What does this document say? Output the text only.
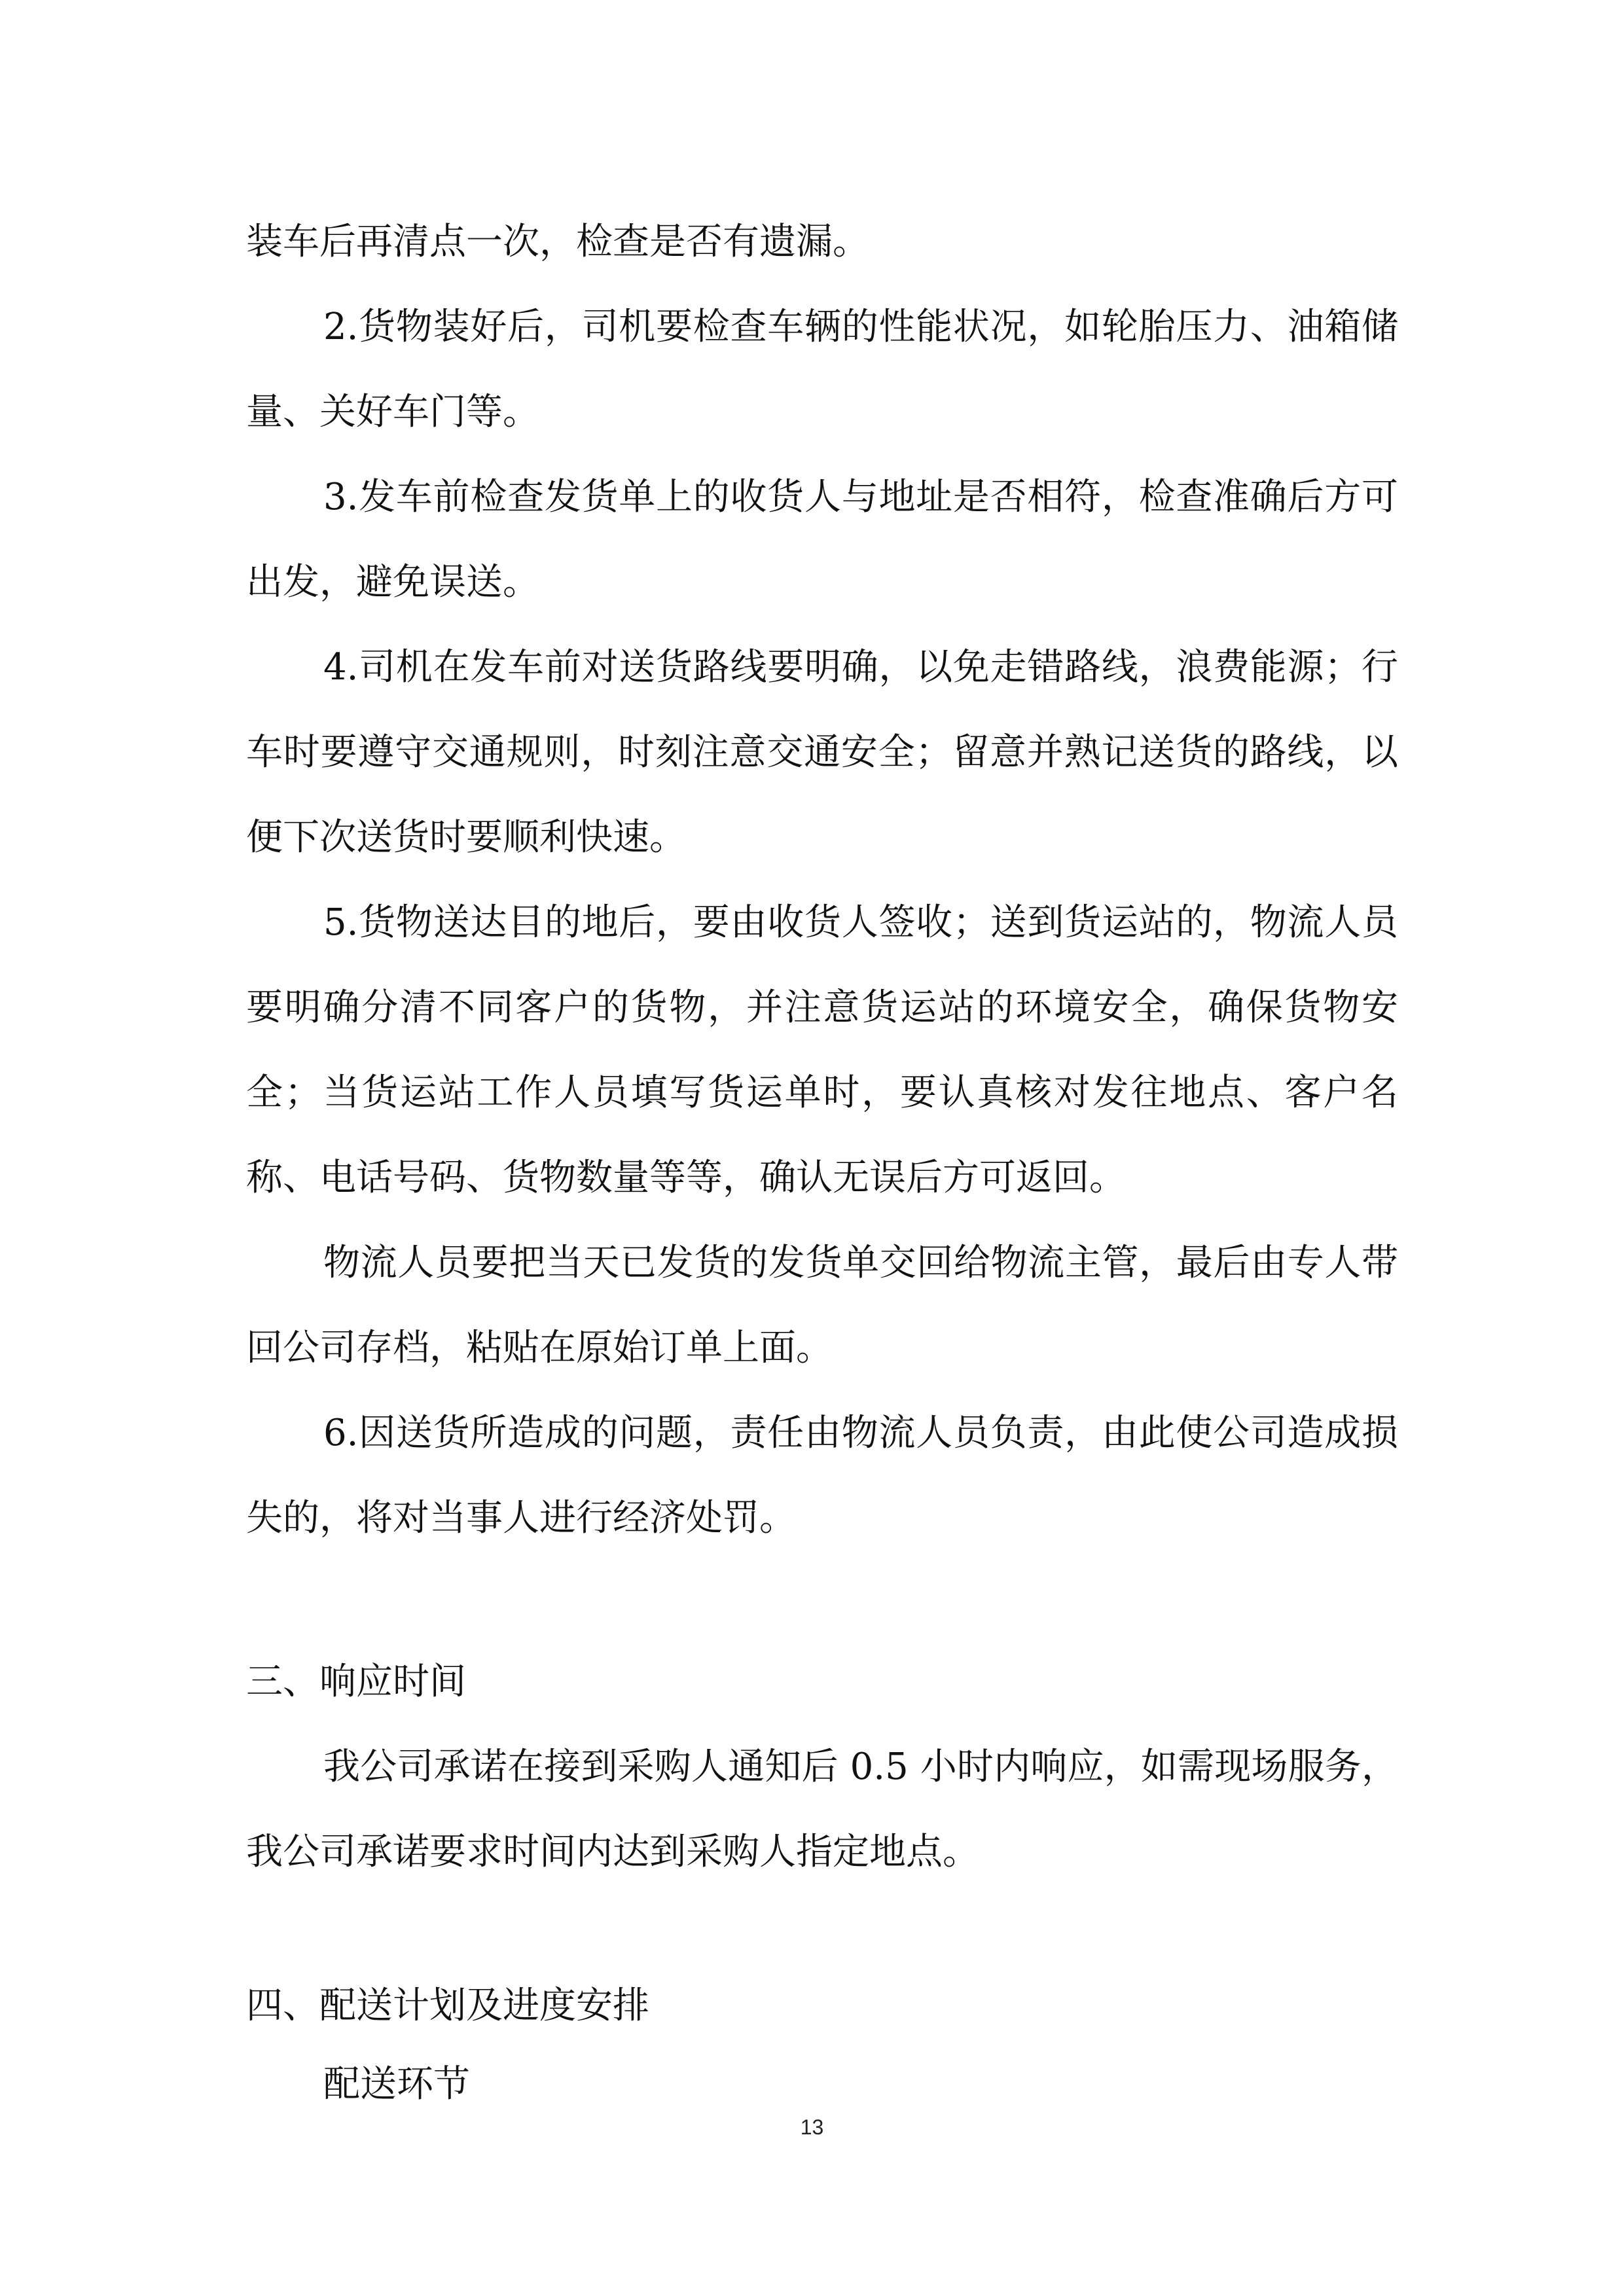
装车后再清点一次，检查是否有遗漏。

2.货物装好后，司机要检查车辆的性能状况，如轮胎压力、油箱储量、关好车门等。

3.发车前检查发货单上的收货人与地址是否相符，检查准确后方可出发，避免误送。

4.司机在发车前对送货路线要明确，以免走错路线，浪费能源；行车时要遵守交通规则，时刻注意交通安全；留意并熟记送货的路线，以便下次送货时要顺利快速。

5.货物送达目的地后，要由收货人签收；送到货运站的，物流人员要明确分清不同客户的货物，并注意货运站的环境安全，确保货物安全；当货运站工作人员填写货运单时，要认真核对发往地点、客户名称、电话号码、货物数量等等，确认无误后方可返回。

物流人员要把当天已发货的发货单交回给物流主管，最后由专人带回公司存档，粘贴在原始订单上面。

6.因送货所造成的问题，责任由物流人员负责，由此使公司造成损失的，将对当事人进行经济处罚。

三、响应时间

我公司承诺在接到采购人通知后 0.5 小时内响应，如需现场服务，我公司承诺要求时间内达到采购人指定地点。

四、配送计划及进度安排

配送环节

13
